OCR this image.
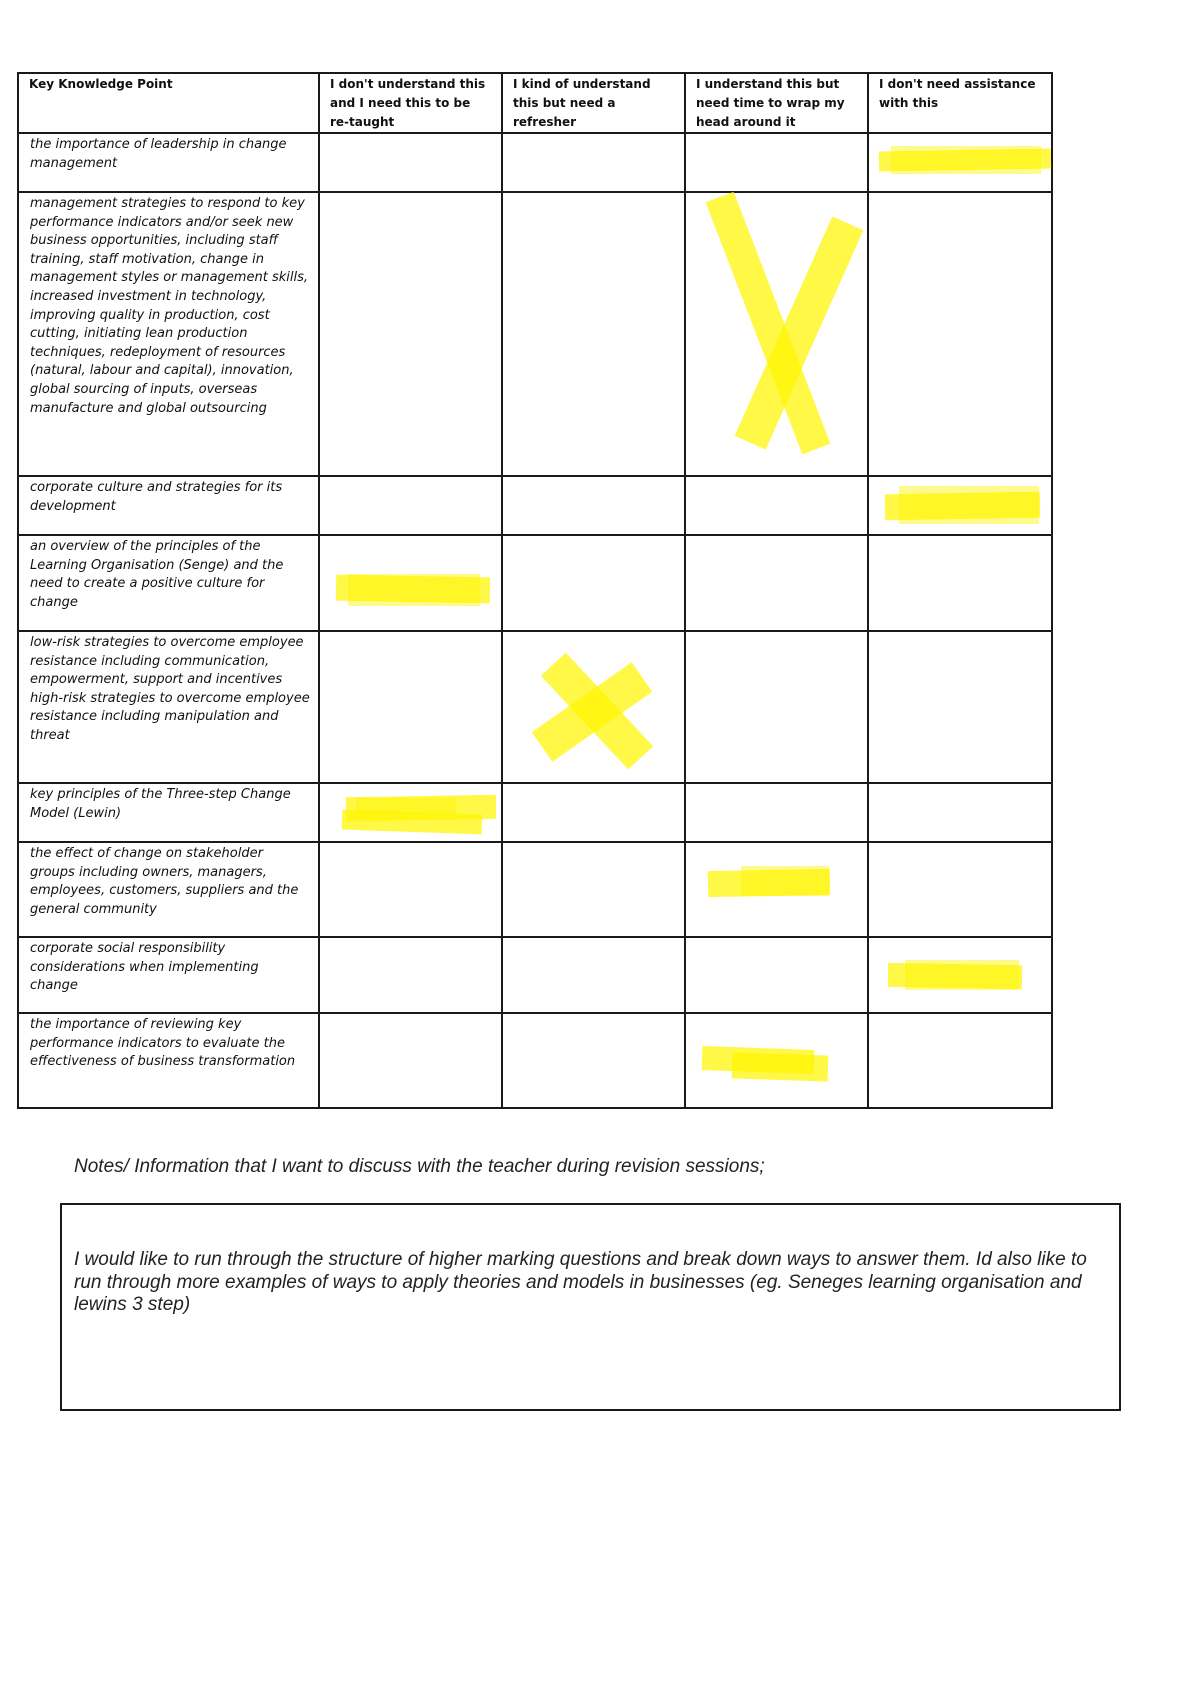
Key Knowledge Point	I don't understand this and I need this to be re-taught	I kind of understand this but need a refresher	I understand this but need time to wrap my head around it	I don't need assistance with this
the importance of leadership in change management				

management strategies to respond to key performance indicators and/or seek new business opportunities, including staff training, staff motivation, change in management styles or management skills, increased investment in technology, improving quality in production, cost cutting, initiating lean production techniques, redeployment of resources (natural, labour and capital), innovation, global sourcing of inputs, overseas manufacture and global outsourcing			

corporate culture and strategies for its development				

an overview of the principles of the Learning Organisation (Senge) and the need to create a positive culture for change	

low-risk strategies to overcome employee resistance including communication, empowerment, support and incentives
high-risk strategies to overcome employee resistance including manipulation and threat		

key principles of the Three-step Change Model (Lewin)	

the effect of change on stakeholder groups including owners, managers, employees, customers, suppliers and the general community			

corporate social responsibility considerations when implementing change				

the importance of reviewing key performance indicators to evaluate the effectiveness of business transformation			

Notes/ Information that I want to discuss with the teacher during revision sessions;
I would like to run through the structure of higher marking questions and break down ways to answer them. Id also like to run through more examples of ways to apply theories and models in businesses (eg. Seneges learning organisation and lewins 3 step)
